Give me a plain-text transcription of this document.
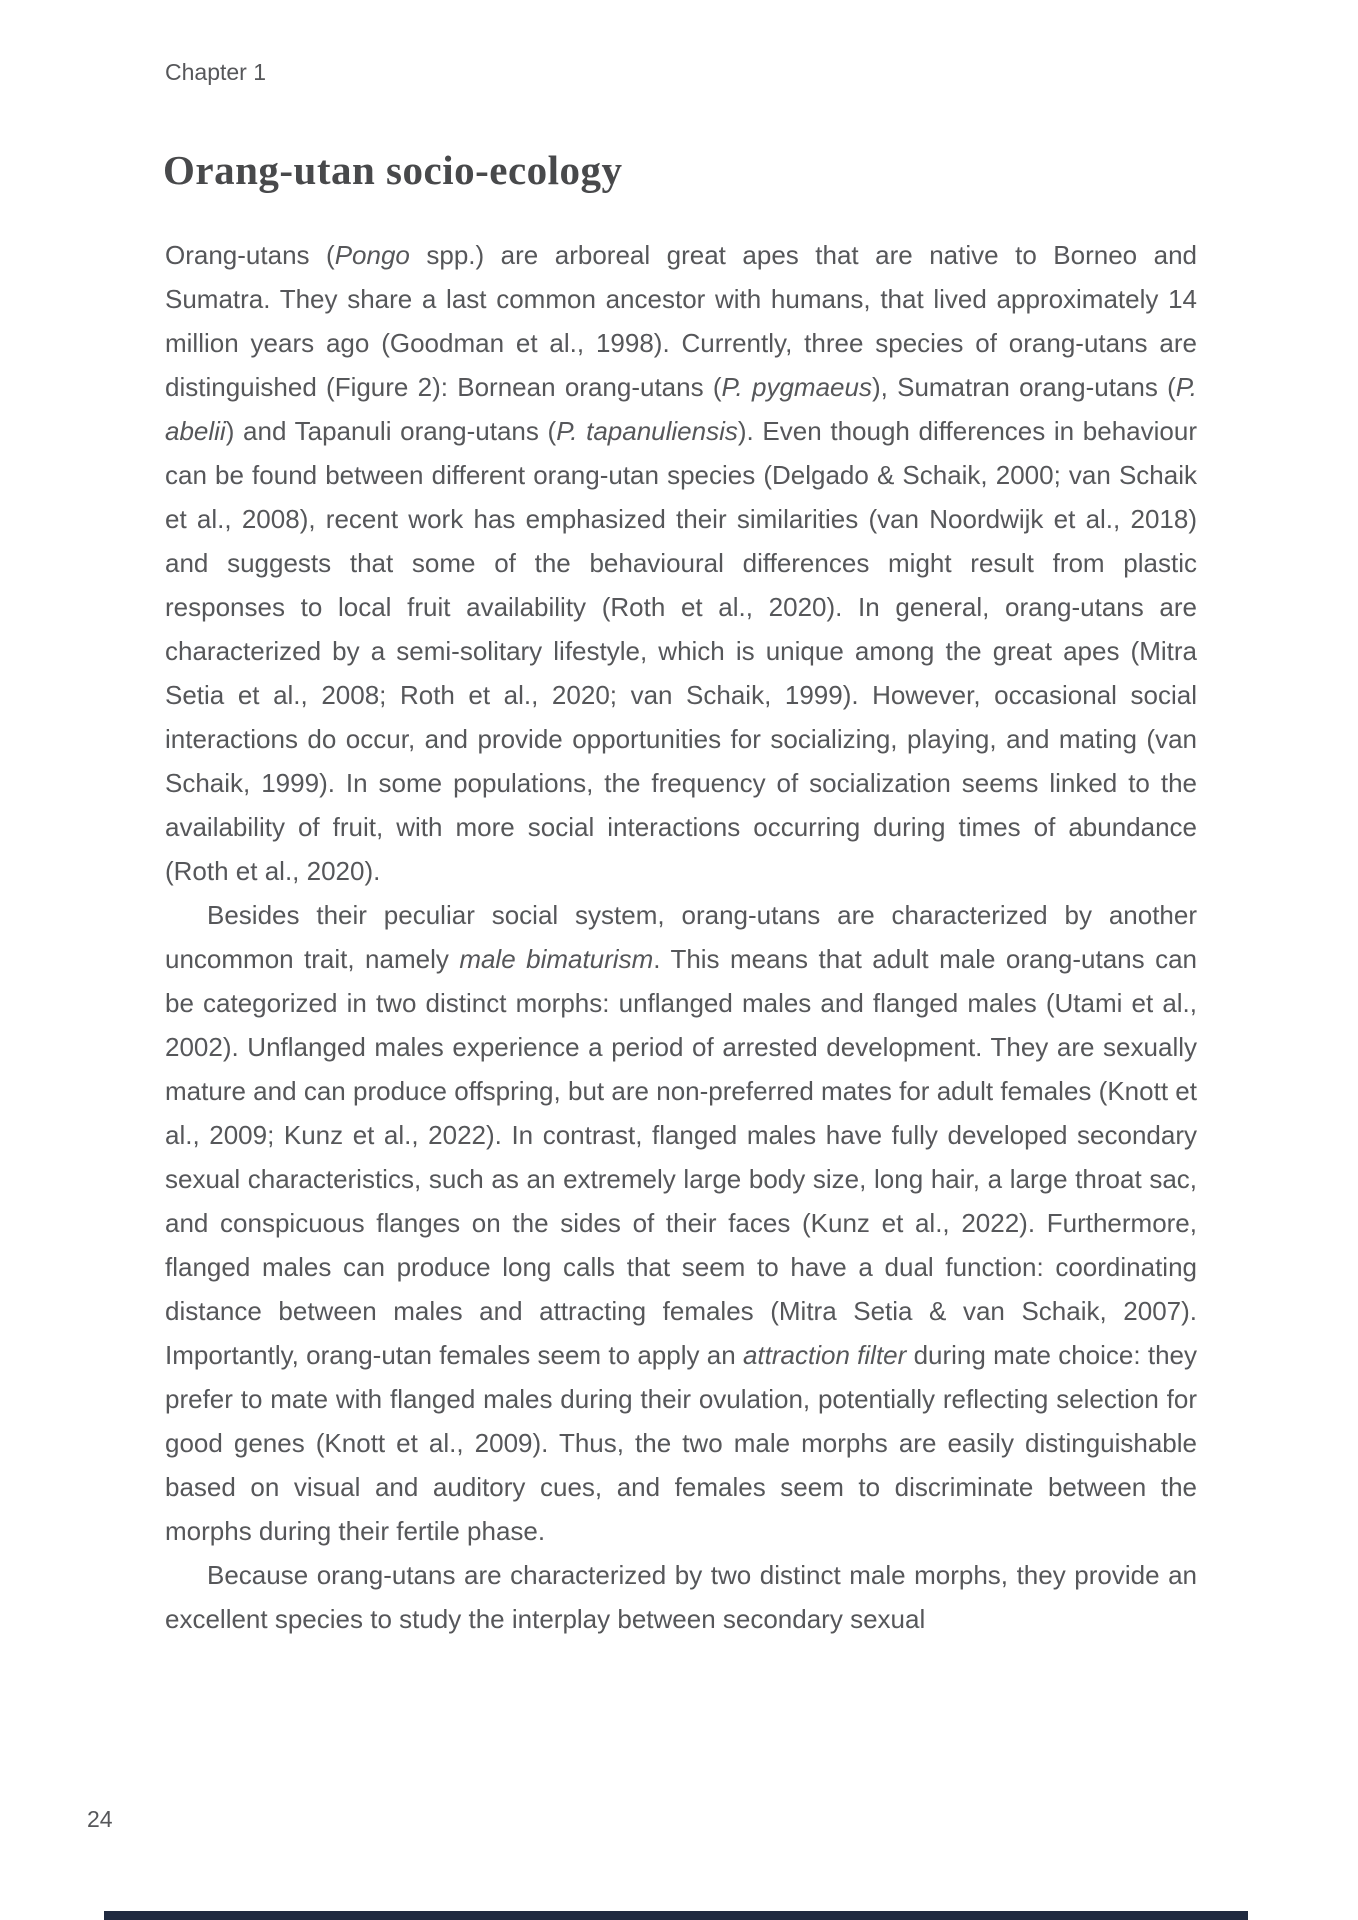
Chapter 1
Orang-utan socio-ecology

Orang-utans (Pongo spp.) are arboreal great apes that are native to Borneo and Sumatra. They share a last common ancestor with humans, that lived approximately 14 million years ago (Goodman et al., 1998). Currently, three species of orang-utans are distinguished (Figure 2): Bornean orang-utans (P. pygmaeus), Sumatran orang-utans (P. abelii) and Tapanuli orang-utans (P. tapanuliensis). Even though differences in behaviour can be found between different orang-utan species (Delgado & Schaik, 2000; van Schaik et al., 2008), recent work has emphasized their similarities (van Noordwijk et al., 2018) and suggests that some of the behavioural differences might result from plastic responses to local fruit availability (Roth et al., 2020). In general, orang-utans are characterized by a semi-solitary lifestyle, which is unique among the great apes (Mitra Setia et al., 2008; Roth et al., 2020; van Schaik, 1999). However, occasional social interactions do occur, and provide opportunities for socializing, playing, and mating (van Schaik, 1999). In some populations, the frequency of socialization seems linked to the availability of fruit, with more social interactions occurring during times of abundance (Roth et al., 2020).

Besides their peculiar social system, orang-utans are characterized by another uncommon trait, namely male bimaturism. This means that adult male orang-utans can be categorized in two distinct morphs: unflanged males and flanged males (Utami et al., 2002). Unflanged males experience a period of arrested development. They are sexually mature and can produce offspring, but are non-preferred mates for adult females (Knott et al., 2009; Kunz et al., 2022). In contrast, flanged males have fully developed secondary sexual characteristics, such as an extremely large body size, long hair, a large throat sac, and conspicuous flanges on the sides of their faces (Kunz et al., 2022). Furthermore, flanged males can produce long calls that seem to have a dual function: coordinating distance between males and attracting females (Mitra Setia & van Schaik, 2007). Importantly, orang-utan females seem to apply an attraction filter during mate choice: they prefer to mate with flanged males during their ovulation, potentially reflecting selection for good genes (Knott et al., 2009). Thus, the two male morphs are easily distinguishable based on visual and auditory cues, and females seem to discriminate between the morphs during their fertile phase.

Because orang-utans are characterized by two distinct male morphs, they provide an excellent species to study the interplay between secondary sexual

24
